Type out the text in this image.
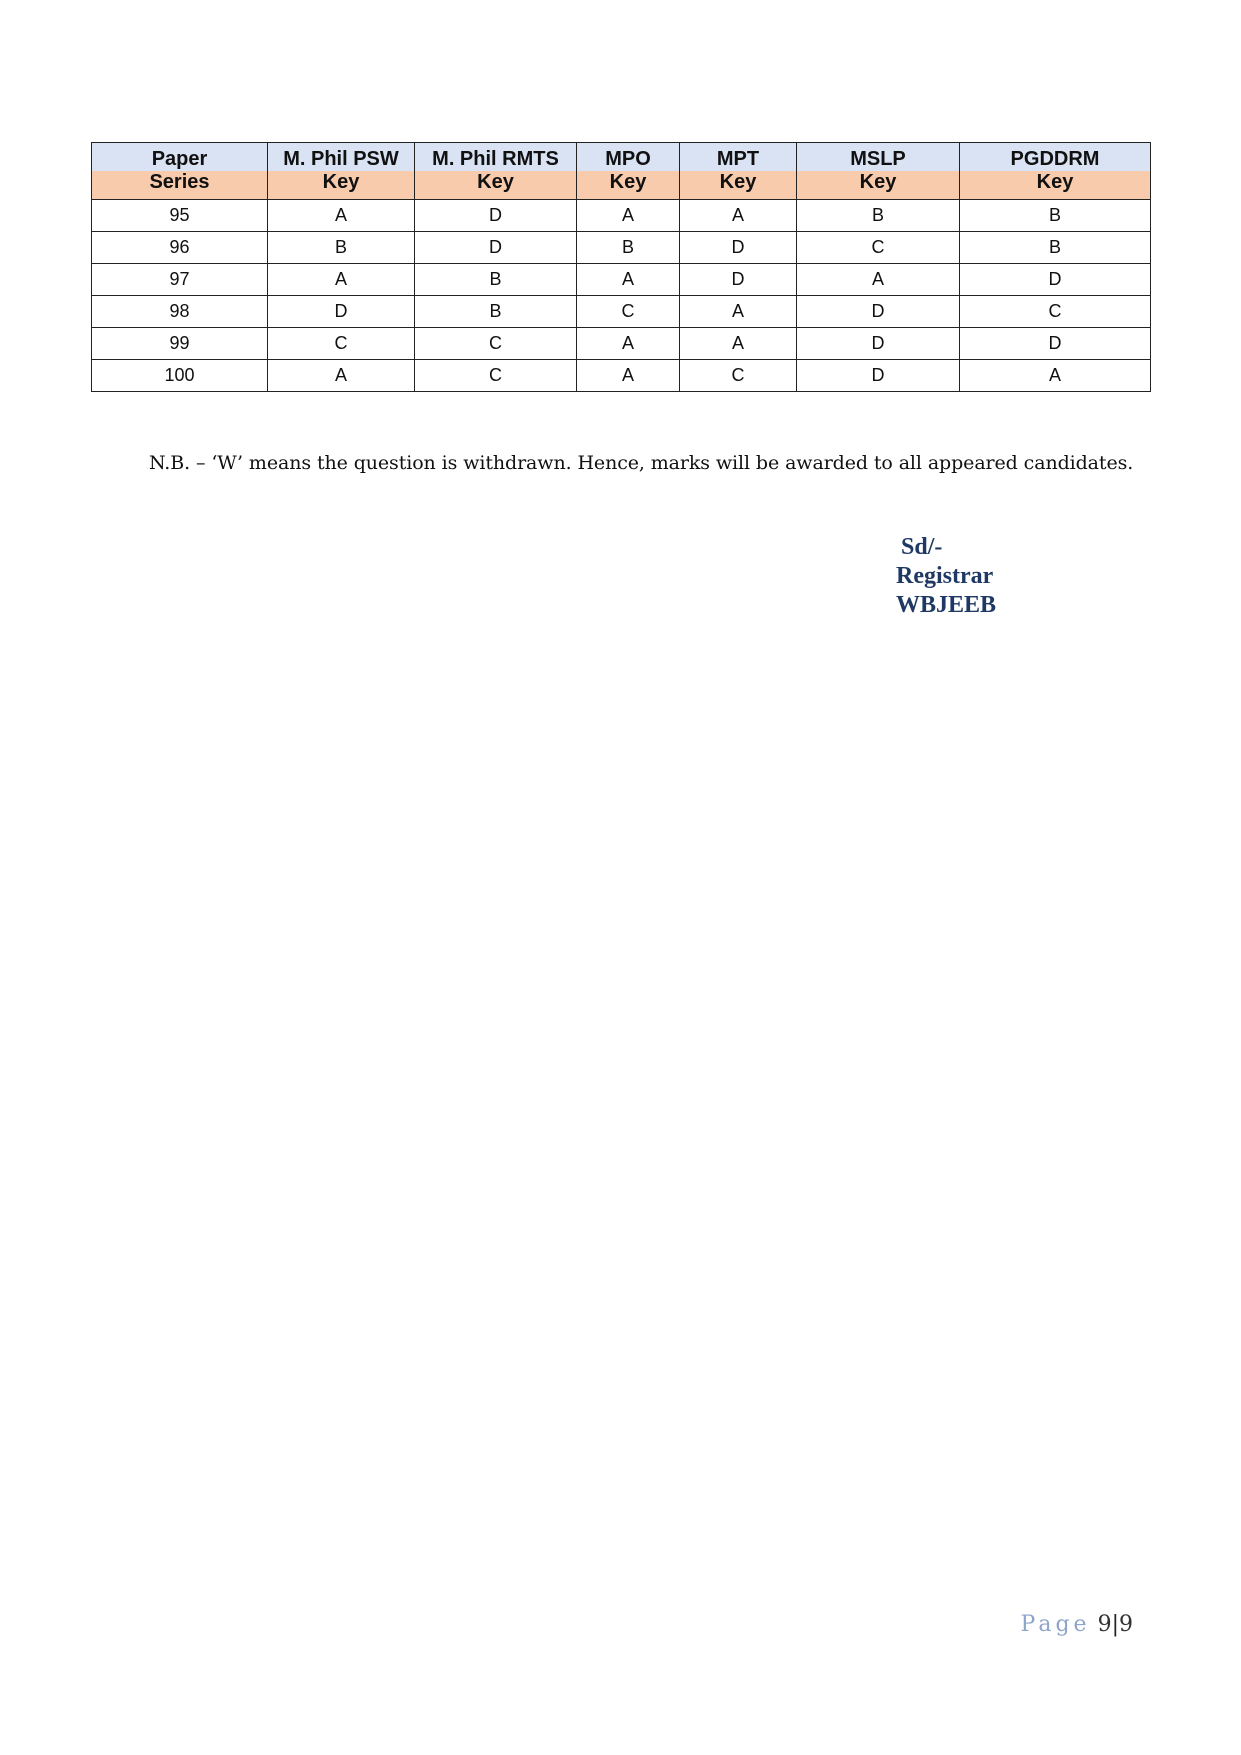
Paper	M. Phil PSW	M. Phil RMTS	MPO	MPT	MSLP	PGDDRM
Series	Key	Key	Key	Key	Key	Key
95	A	D	A	A	B	B
96	B	D	B	D	C	B
97	A	B	A	D	A	D
98	D	B	C	A	D	C
99	C	C	A	A	D	D
100	A	C	A	C	D	A
N.B. – ‘W’ means the question is withdrawn. Hence, marks will be awarded to all appeared candidates.
Sd/-
Registrar
WBJEEB
Page 9|9
